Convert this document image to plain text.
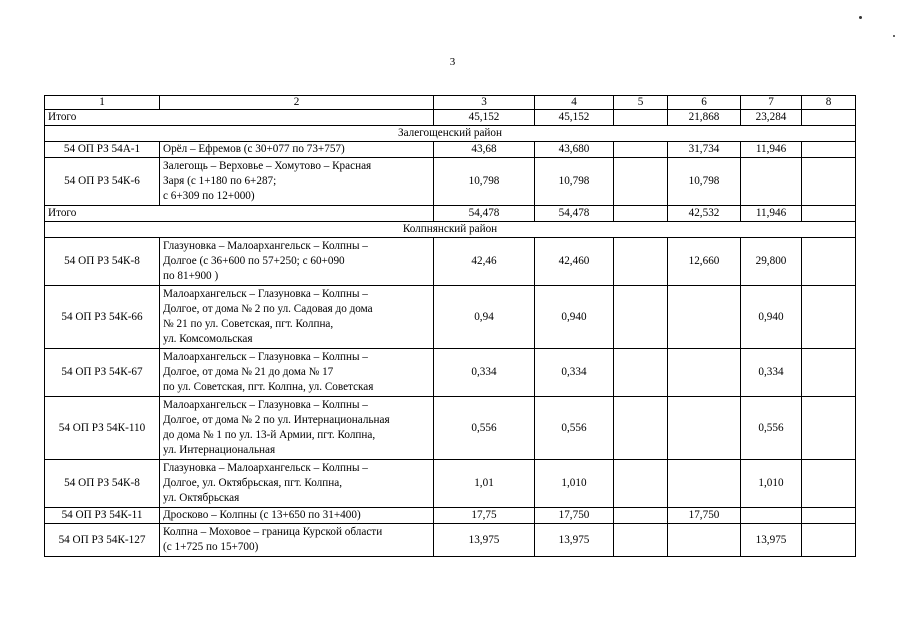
3
1	2	3	4	5	6	7	8
Итого		45,152	45,152		21,868	23,284	
Залегощенский район							
54 ОП РЗ 54А-1	Орёл – Ефремов (с 30+077 по 73+757)	43,68	43,680		31,734	11,946	
54 ОП РЗ 54К-6	Залегощь – Верховье – Хомутово – Красная
Заря (с 1+180 по 6+287;
с 6+309 по 12+000)	10,798	10,798		10,798		
Итого		54,478	54,478		42,532	11,946	
Колпнянский район							
54 ОП РЗ 54К-8	Глазуновка – Малоархангельск – Колпны –
Долгое (с 36+600 по 57+250; с 60+090
по 81+900 )	42,46	42,460		12,660	29,800	
54 ОП РЗ 54К-66	Малоархангельск – Глазуновка – Колпны –
Долгое, от дома № 2 по ул. Садовая до дома
№ 21 по ул. Советская, пгт. Колпна,
ул. Комсомольская	0,94	0,940			0,940	
54 ОП РЗ 54К-67	Малоархангельск – Глазуновка – Колпны –
Долгое, от дома № 21 до дома № 17
по ул. Советская, пгт. Колпна, ул. Советская	0,334	0,334			0,334	
54 ОП РЗ 54К-110	Малоархангельск – Глазуновка – Колпны –
Долгое, от дома № 2 по ул. Интернациональная
до дома № 1 по ул. 13-й Армии, пгт. Колпна,
ул. Интернациональная	0,556	0,556			0,556	
54 ОП РЗ 54К-8	Глазуновка – Малоархангельск – Колпны –
Долгое, ул. Октябрьская, пгт. Колпна,
ул. Октябрьская	1,01	1,010			1,010	
54 ОП РЗ 54К-11	Дросково – Колпны (с 13+650 по 31+400)	17,75	17,750		17,750		
54 ОП РЗ 54К-127	Колпна – Моховое – граница Курской области
(с 1+725 по 15+700)	13,975	13,975			13,975	
